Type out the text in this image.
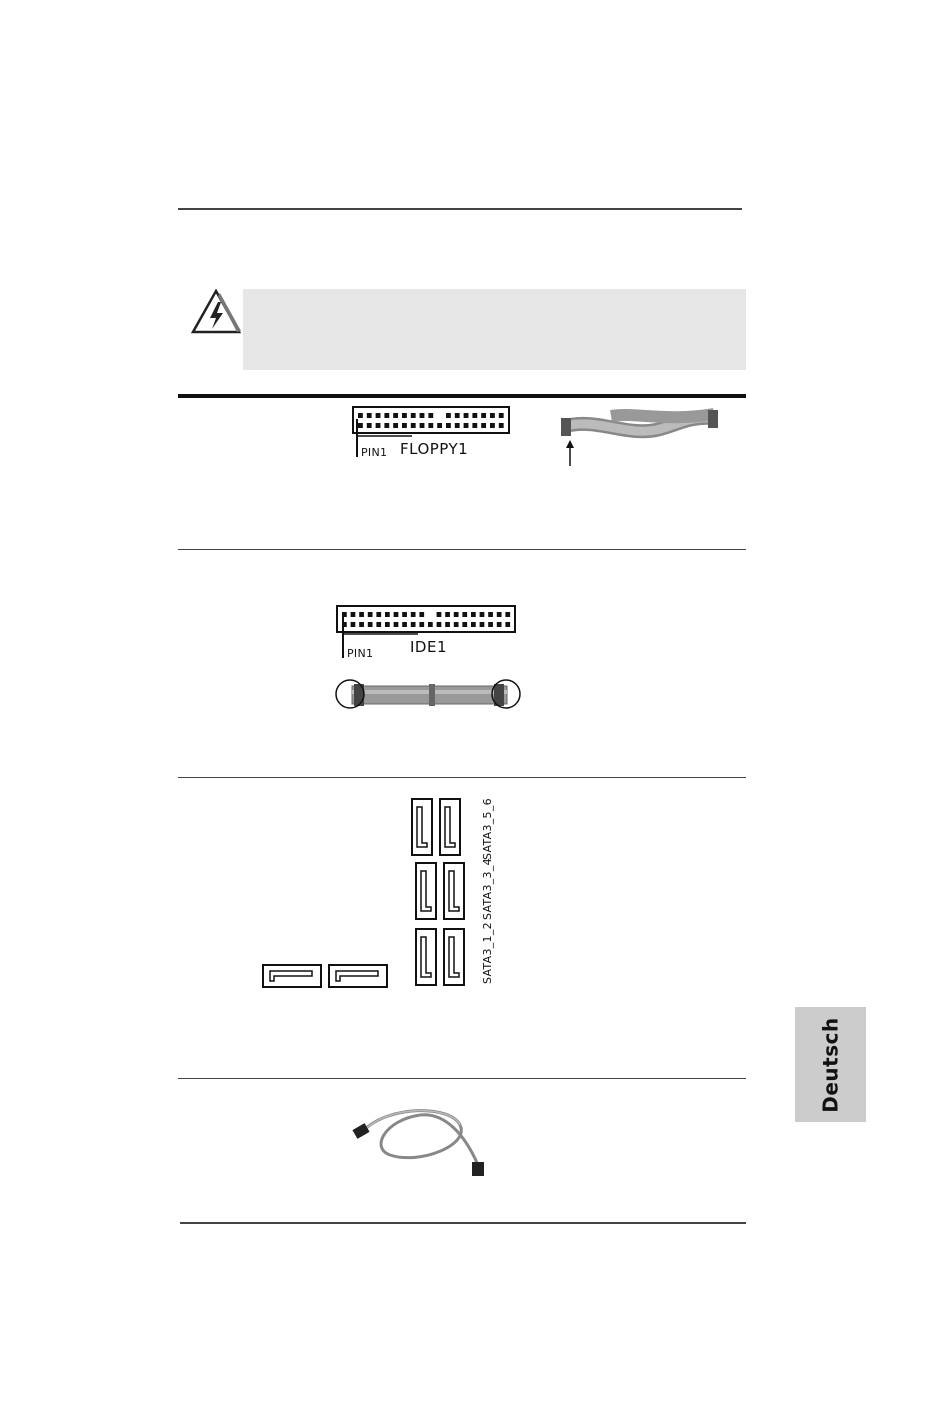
PIN1 FLOPPY1
PIN1 IDE1
SATA3_5_6
SATA3_3_4
SATA3_1_2
Deutsch
